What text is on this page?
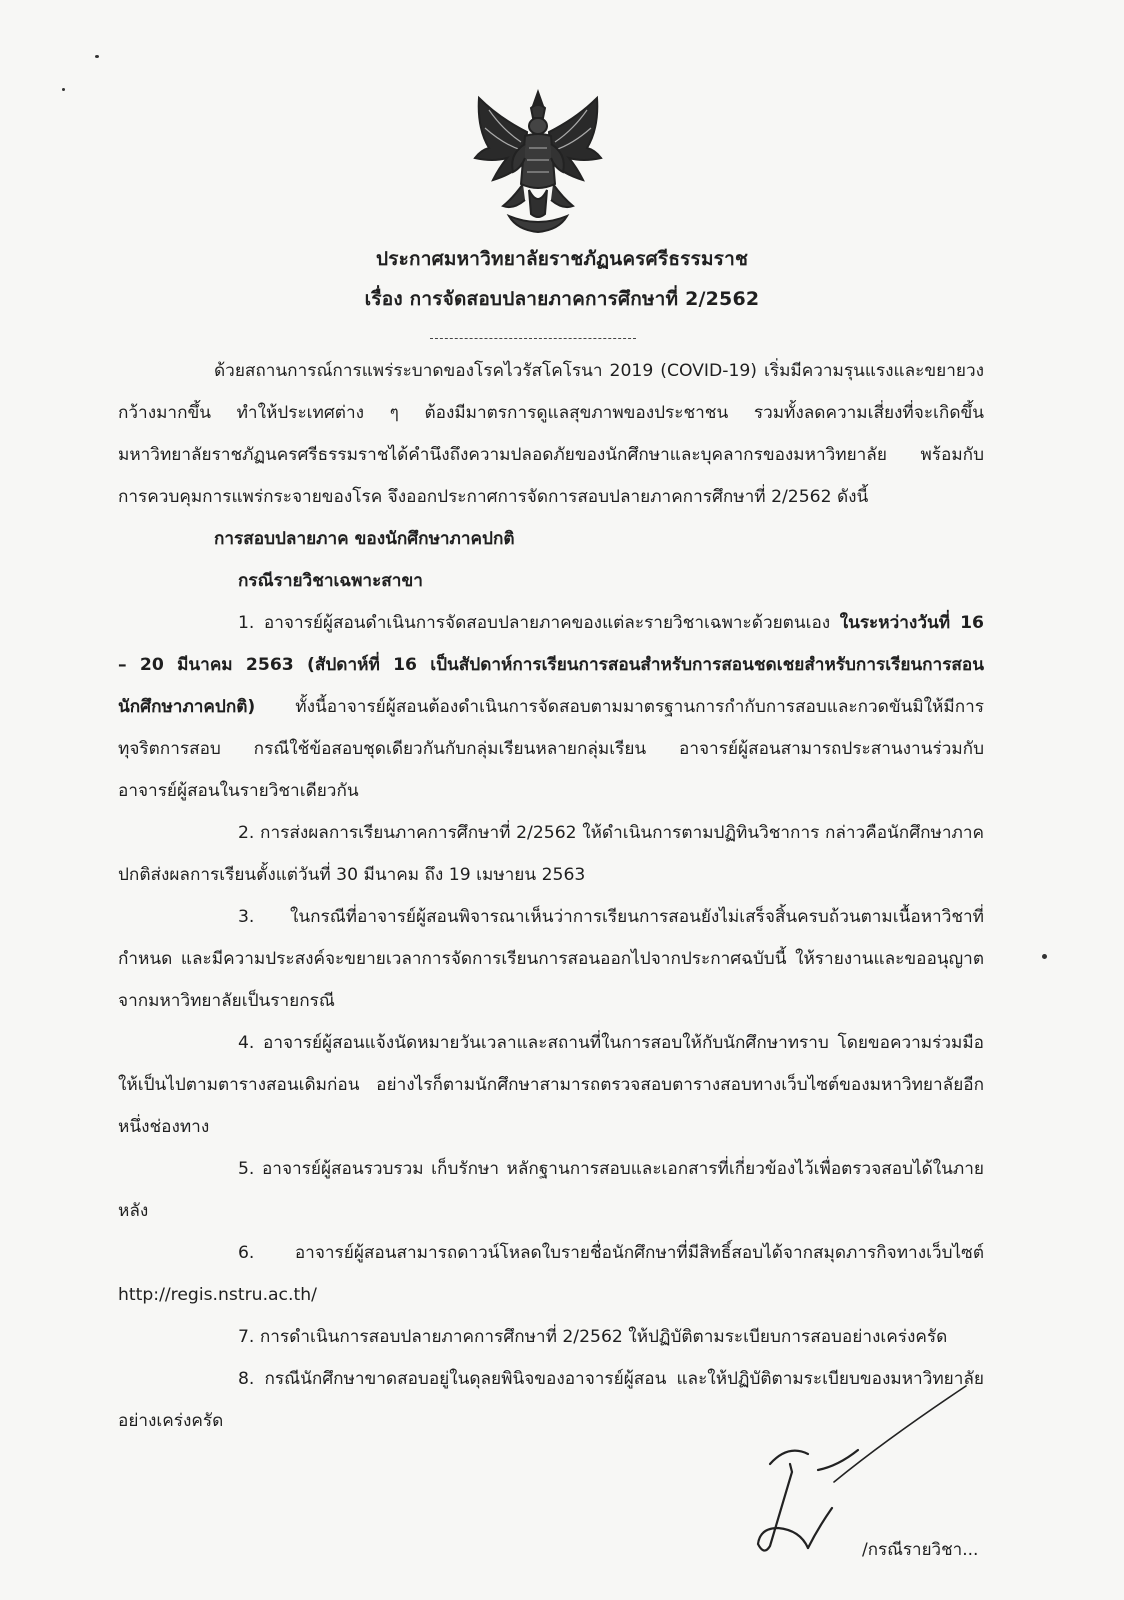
ประกาศมหาวิทยาลัยราชภัฏนครศรีธรรมราช
เรื่อง การจัดสอบปลายภาคการศึกษาที่ 2/2562

ด้วยสถานการณ์การแพร่ระบาดของโรคไวรัสโคโรนา 2019 (COVID-19) เริ่มมีความรุนแรงและขยายวงกว้างมากขึ้น ทำให้ประเทศต่าง ๆ ต้องมีมาตรการดูแลสุขภาพของประชาชน รวมทั้งลดความเสี่ยงที่จะเกิดขึ้น มหาวิทยาลัยราชภัฏนครศรีธรรมราชได้คำนึงถึงความปลอดภัยของนักศึกษาและบุคลากรของมหาวิทยาลัย พร้อมกับการควบคุมการแพร่กระจายของโรค จึงออกประกาศการจัดการสอบปลายภาคการศึกษาที่ 2/2562 ดังนี้

การสอบปลายภาค ของนักศึกษาภาคปกติ

กรณีรายวิชาเฉพาะสาขา

1. อาจารย์ผู้สอนดำเนินการจัดสอบปลายภาคของแต่ละรายวิชาเฉพาะด้วยตนเอง ในระหว่างวันที่ 16 – 20 มีนาคม 2563 (สัปดาห์ที่ 16 เป็นสัปดาห์การเรียนการสอนสำหรับการสอนชดเชยสำหรับการเรียนการสอนนักศึกษาภาคปกติ) ทั้งนี้อาจารย์ผู้สอนต้องดำเนินการจัดสอบตามมาตรฐานการกำกับการสอบและกวดขันมิให้มีการทุจริตการสอบ กรณีใช้ข้อสอบชุดเดียวกันกับกลุ่มเรียนหลายกลุ่มเรียน อาจารย์ผู้สอนสามารถประสานงานร่วมกับอาจารย์ผู้สอนในรายวิชาเดียวกัน

2. การส่งผลการเรียนภาคการศึกษาที่ 2/2562 ให้ดำเนินการตามปฏิทินวิชาการ กล่าวคือนักศึกษาภาคปกติส่งผลการเรียนตั้งแต่วันที่ 30 มีนาคม ถึง 19 เมษายน 2563

3. ในกรณีที่อาจารย์ผู้สอนพิจารณาเห็นว่าการเรียนการสอนยังไม่เสร็จสิ้นครบถ้วนตามเนื้อหาวิชาที่กำหนด และมีความประสงค์จะขยายเวลาการจัดการเรียนการสอนออกไปจากประกาศฉบับนี้ ให้รายงานและขออนุญาตจากมหาวิทยาลัยเป็นรายกรณี

4. อาจารย์ผู้สอนแจ้งนัดหมายวันเวลาและสถานที่ในการสอบให้กับนักศึกษาทราบ โดยขอความร่วมมือให้เป็นไปตามตารางสอนเดิมก่อน อย่างไรก็ตามนักศึกษาสามารถตรวจสอบตารางสอบทางเว็บไซต์ของมหาวิทยาลัยอีกหนึ่งช่องทาง

5. อาจารย์ผู้สอนรวบรวม เก็บรักษา หลักฐานการสอบและเอกสารที่เกี่ยวข้องไว้เพื่อตรวจสอบได้ในภายหลัง

6. อาจารย์ผู้สอนสามารถดาวน์โหลดใบรายชื่อนักศึกษาที่มีสิทธิ์สอบได้จากสมุดภารกิจทางเว็บไซต์ http://regis.nstru.ac.th/

7. การดำเนินการสอบปลายภาคการศึกษาที่ 2/2562 ให้ปฏิบัติตามระเบียบการสอบอย่างเคร่งครัด

8. กรณีนักศึกษาขาดสอบอยู่ในดุลยพินิจของอาจารย์ผู้สอน และให้ปฏิบัติตามระเบียบของมหาวิทยาลัยอย่างเคร่งครัด

/กรณีรายวิชา...
